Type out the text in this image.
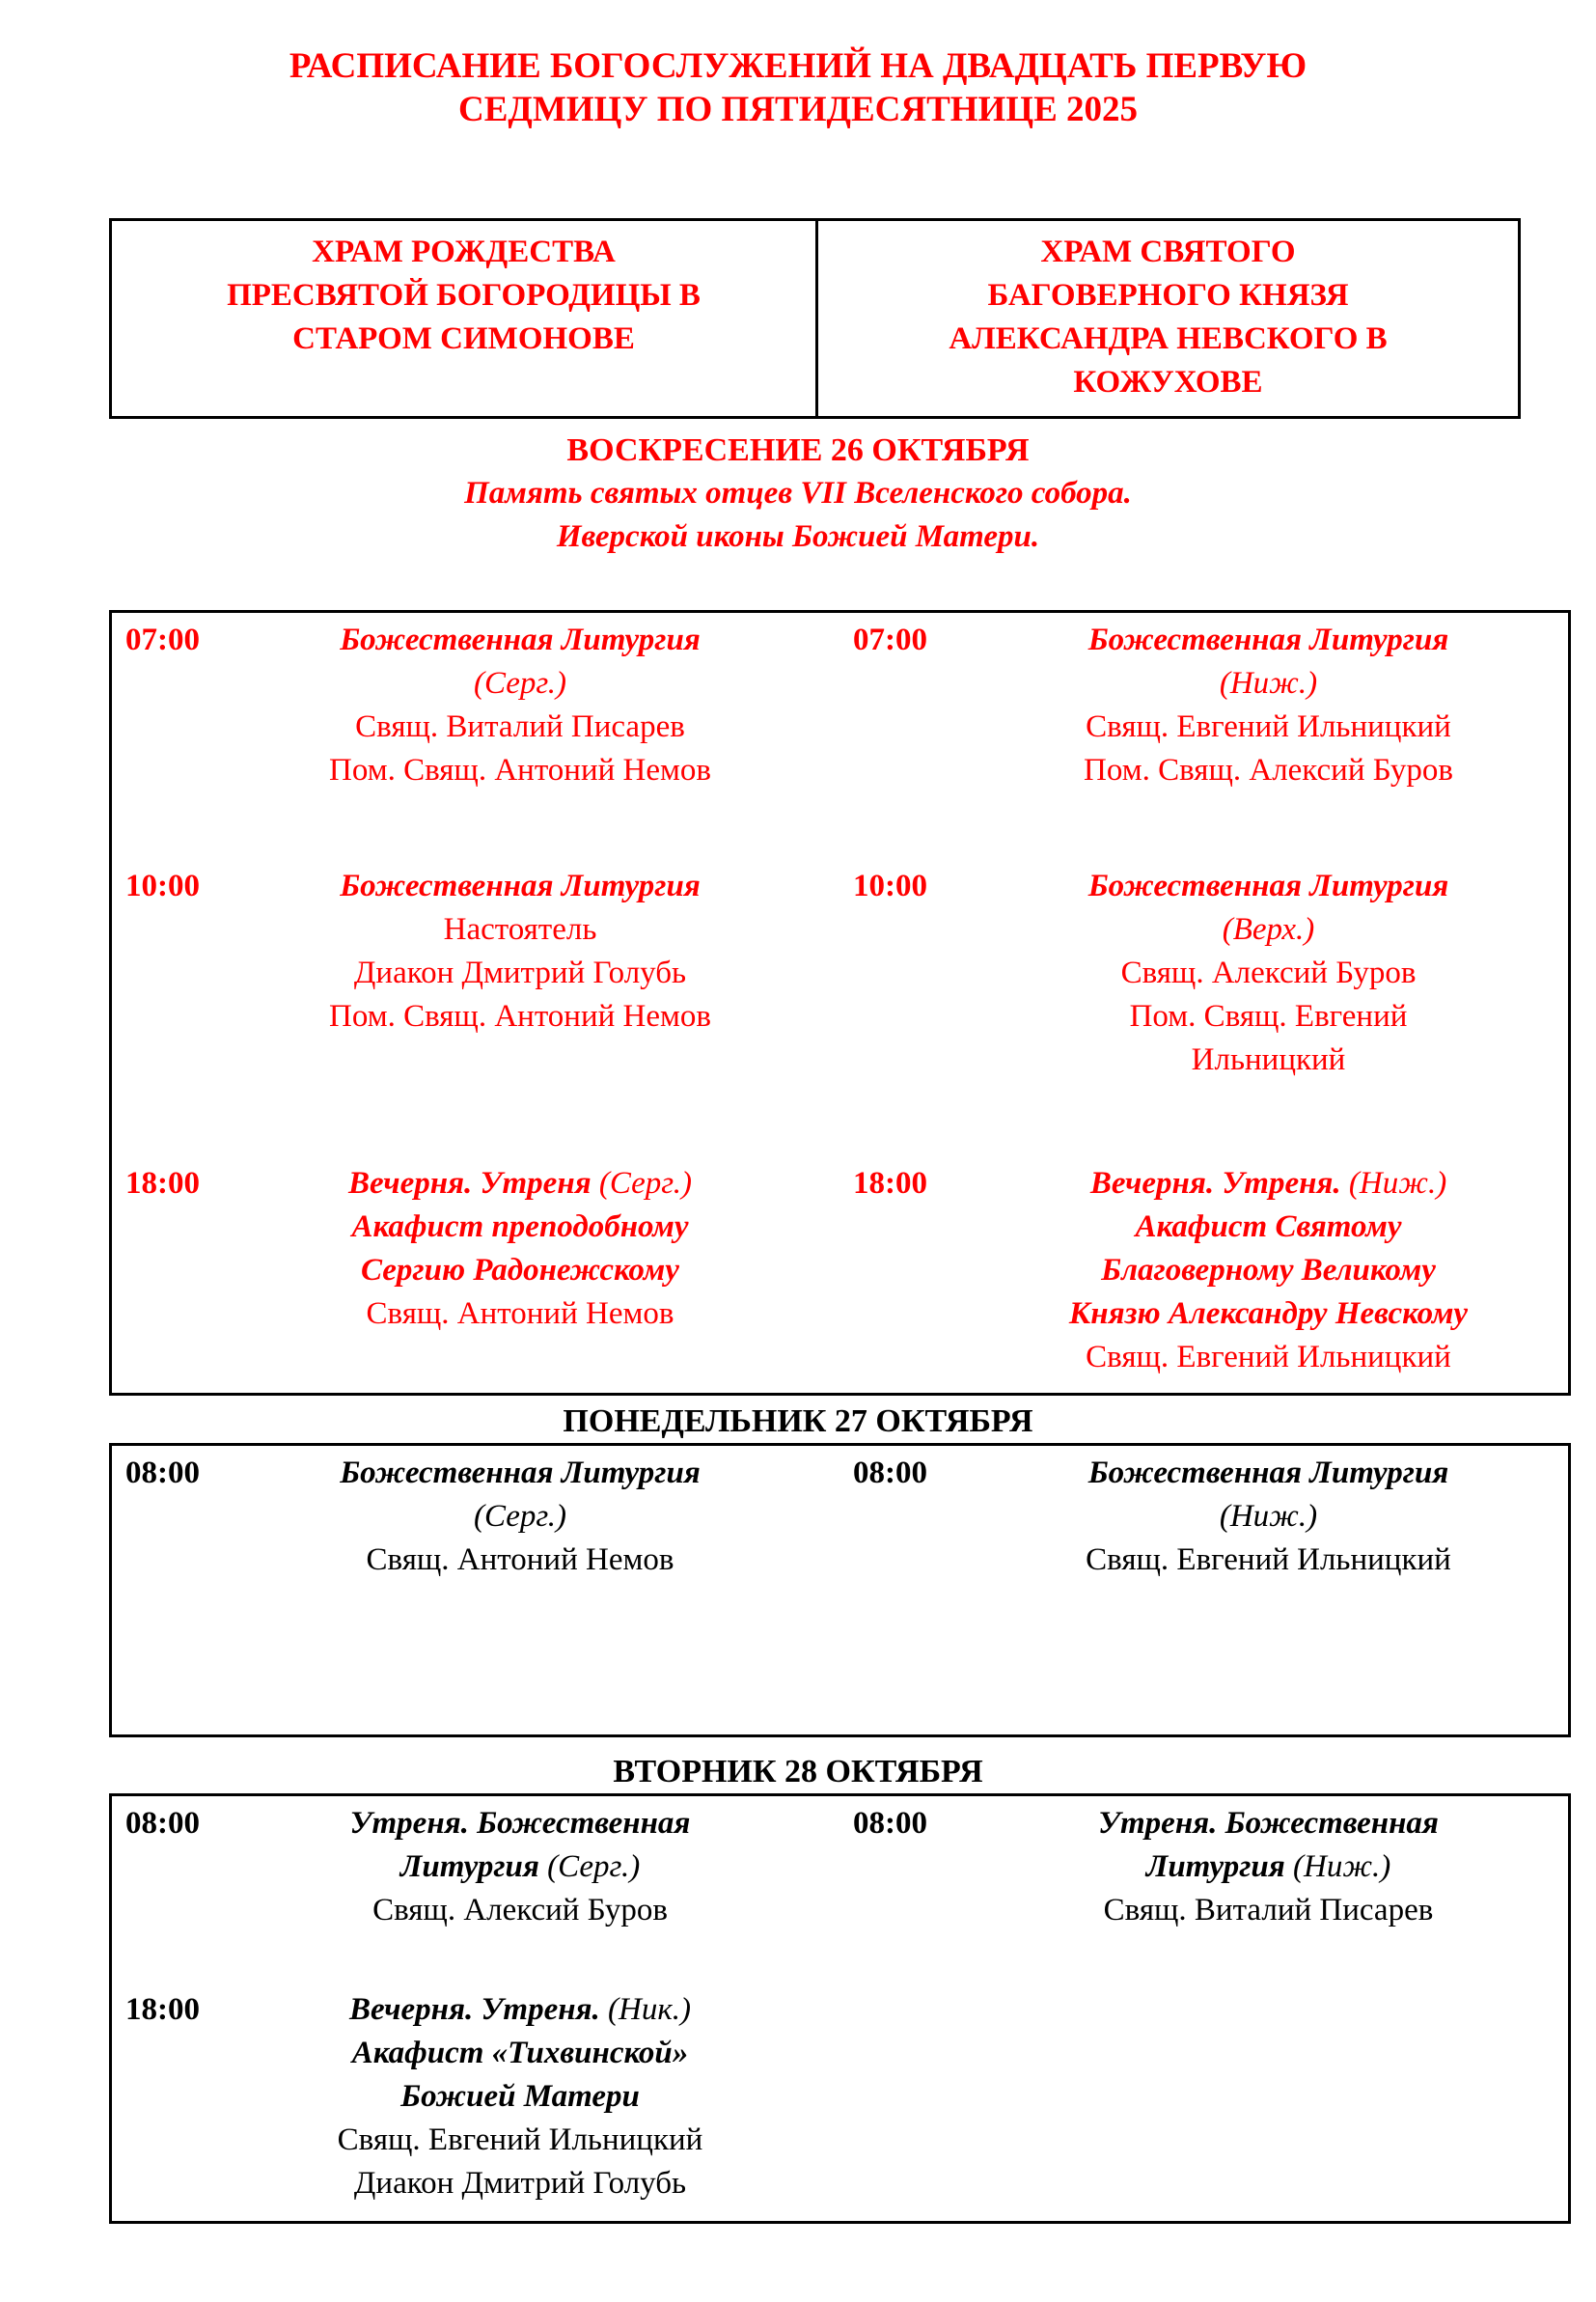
РАСПИСАНИЕ БОГОСЛУЖЕНИЙ НА ДВАДЦАТЬ ПЕРВУЮ
СЕДМИЦУ ПО ПЯТИДЕСЯТНИЦЕ 2025
ХРАМ РОЖДЕСТВА
ПРЕСВЯТОЙ БОГОРОДИЦЫ В
СТАРОМ СИМОНОВЕ
ХРАМ СВЯТОГО
БАГОВЕРНОГО КНЯЗЯ
АЛЕКСАНДРА НЕВСКОГО В
КОЖУХОВЕ
ВОСКРЕСЕНИЕ 26 ОКТЯБРЯ
Память святых отцев VII Вселенского собора.
Иверской иконы Божией Матери.
07:00	Божественная Литургия
(Серг.)
Свящ. Виталий Писарев
Пом. Свящ. Антоний Немов
07:00	Божественная Литургия
(Ниж.)
Свящ. Евгений Ильницкий
Пом. Свящ. Алексий Буров
10:00	Божественная Литургия
Настоятель
Диакон Дмитрий Голубь
Пом. Свящ. Антоний Немов
10:00	Божественная Литургия
(Верх.)
Свящ. Алексий Буров
Пом. Свящ. Евгений
Ильницкий
18:00	Вечерня. Утреня (Серг.)
Акафист преподобному
Сергию Радонежскому
Свящ. Антоний Немов
18:00	Вечерня. Утреня. (Ниж.)
Акафист Святому
Благоверному Великому
Князю Александру Невскому
Свящ. Евгений Ильницкий
ПОНЕДЕЛЬНИК 27 ОКТЯБРЯ
08:00	Божественная Литургия
(Серг.)
Свящ. Антоний Немов
08:00	Божественная Литургия
(Ниж.)
Свящ. Евгений Ильницкий
ВТОРНИК 28 ОКТЯБРЯ
08:00	Утреня. Божественная
Литургия (Серг.)
Свящ. Алексий Буров
08:00	Утреня. Божественная
Литургия (Ниж.)
Свящ. Виталий Писарев
18:00	Вечерня. Утреня. (Ник.)
Акафист «Тихвинской»
Божией Матери
Свящ. Евгений Ильницкий
Диакон Дмитрий Голубь
